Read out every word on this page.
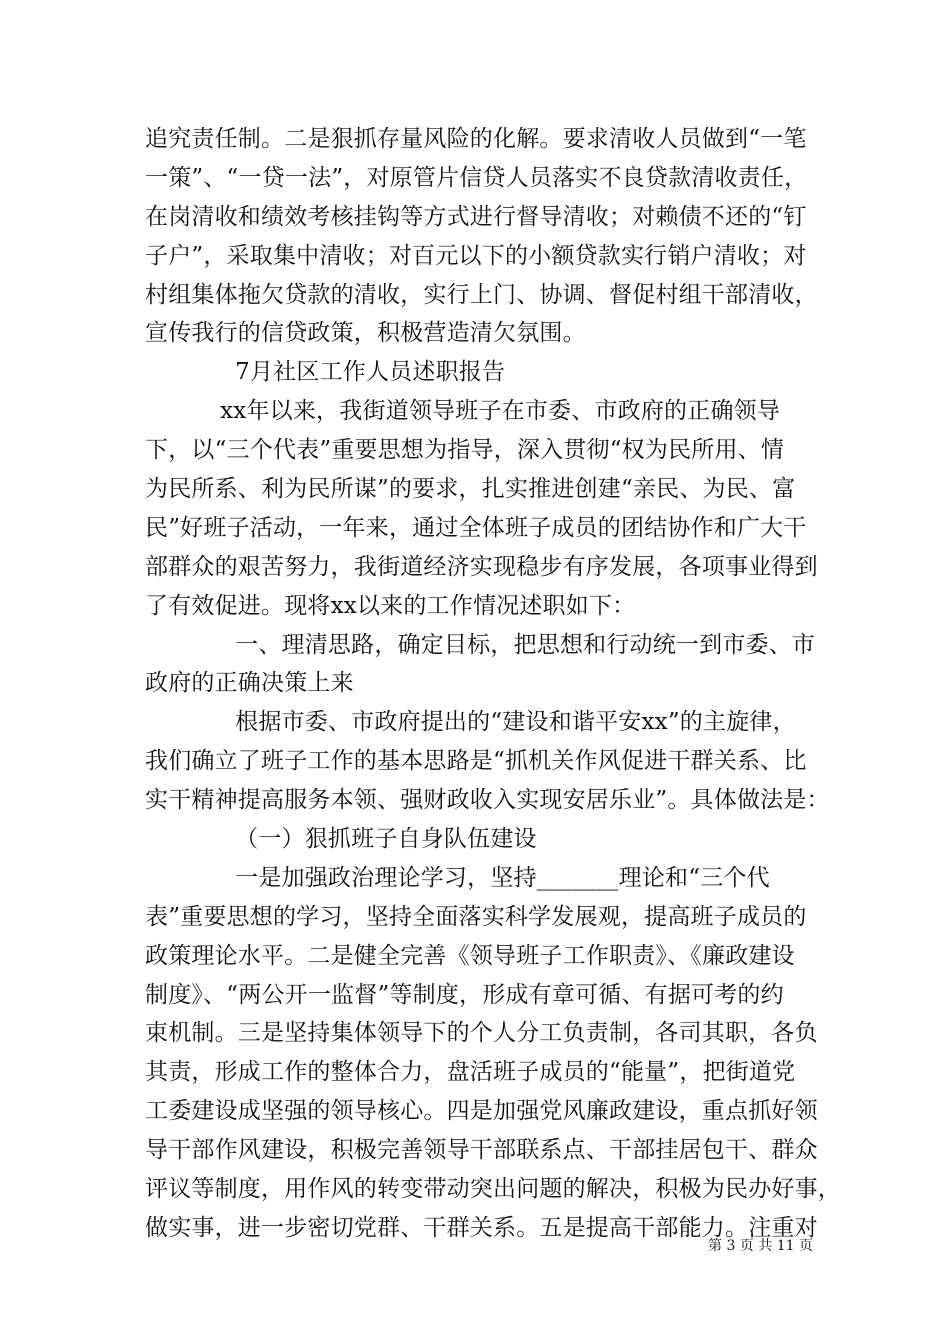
追究责任制。二是狠抓存量风险的化解。要求清收人员做到“一笔
一策”、“一贷一法”，对原管片信贷人员落实不良贷款清收责任，
在岗清收和绩效考核挂钩等方式进行督导清收；对赖债不还的“钉
子户”，采取集中清收；对百元以下的小额贷款实行销户清收；对
村组集体拖欠贷款的清收，实行上门、协调、督促村组干部清收，
宣传我行的信贷政策，积极营造清欠氛围。
7月社区工作人员述职报告
xx年以来，我街道领导班子在市委、市政府的正确领导
下，以“三个代表”重要思想为指导，深入贯彻“权为民所用、情
为民所系、利为民所谋”的要求，扎实推进创建“亲民、为民、富
民”好班子活动，一年来，通过全体班子成员的团结协作和广大干
部群众的艰苦努力，我街道经济实现稳步有序发展，各项事业得到
了有效促进。现将xx以来的工作情况述职如下：
一、理清思路，确定目标，把思想和行动统一到市委、市
政府的正确决策上来
根据市委、市政府提出的“建设和谐平安xx”的主旋律，
我们确立了班子工作的基本思路是“抓机关作风促进干群关系、比
实干精神提高服务本领、强财政收入实现安居乐业”。具体做法是：
（一）狠抓班子自身队伍建设
一是加强政治理论学习，坚持_______理论和“三个代
表”重要思想的学习，坚持全面落实科学发展观，提高班子成员的
政策理论水平。二是健全完善《领导班子工作职责》、《廉政建设
制度》、“两公开一监督”等制度，形成有章可循、有据可考的约
束机制。三是坚持集体领导下的个人分工负责制，各司其职，各负
其责，形成工作的整体合力，盘活班子成员的“能量”，把街道党
工委建设成坚强的领导核心。四是加强党风廉政建设，重点抓好领
导干部作风建设，积极完善领导干部联系点、干部挂居包干、群众
评议等制度，用作风的转变带动突出问题的解决，积极为民办好事，
做实事，进一步密切党群、干群关系。五是提高干部能力。注重对
第 3 页 共 11 页
